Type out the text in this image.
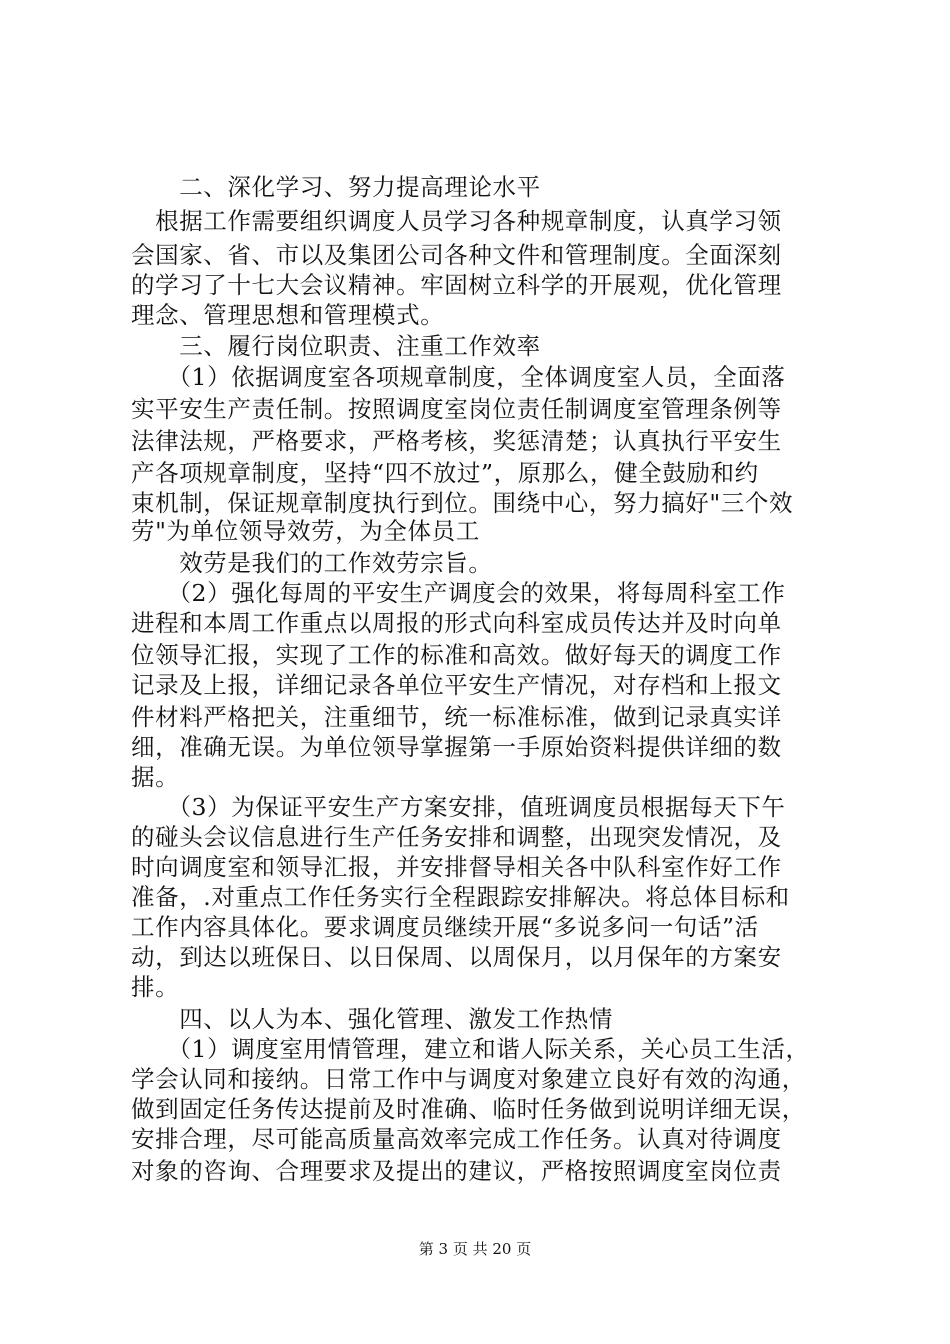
　　二、深化学习、努力提高理论水平
　根据工作需要组织调度人员学习各种规章制度，认真学习领
会国家、省、市以及集团公司各种文件和管理制度。全面深刻
的学习了十七大会议精神。牢固树立科学的开展观，优化管理
理念、管理思想和管理模式。
　　三、履行岗位职责、注重工作效率
　　（1）依据调度室各项规章制度，全体调度室人员，全面落
实平安生产责任制。按照调度室岗位责任制调度室管理条例等
法律法规，严格要求，严格考核，奖惩清楚；认真执行平安生
产各项规章制度，坚持“四不放过”，原那么，健全鼓励和约
束机制，保证规章制度执行到位。围绕中心，努力搞好"三个效
劳"为单位领导效劳，为全体员工
　　效劳是我们的工作效劳宗旨。
　　（2）强化每周的平安生产调度会的效果，将每周科室工作
进程和本周工作重点以周报的形式向科室成员传达并及时向单
位领导汇报，实现了工作的标准和高效。做好每天的调度工作
记录及上报，详细记录各单位平安生产情况，对存档和上报文
件材料严格把关，注重细节，统一标准标准，做到记录真实详
细，准确无误。为单位领导掌握第一手原始资料提供详细的数
据。
　　（3）为保证平安生产方案安排，值班调度员根据每天下午
的碰头会议信息进行生产任务安排和调整，出现突发情况，及
时向调度室和领导汇报，并安排督导相关各中队科室作好工作
准备，.对重点工作任务实行全程跟踪安排解决。将总体目标和
工作内容具体化。要求调度员继续开展“多说多问一句话”活
动，到达以班保日、以日保周、以周保月，以月保年的方案安
排。
　　四、以人为本、强化管理、激发工作热情
　　（1）调度室用情管理，建立和谐人际关系，关心员工生活，
学会认同和接纳。日常工作中与调度对象建立良好有效的沟通，
做到固定任务传达提前及时准确、临时任务做到说明详细无误，
安排合理，尽可能高质量高效率完成工作任务。认真对待调度
对象的咨询、合理要求及提出的建议，严格按照调度室岗位责
第 3 页 共 20 页
